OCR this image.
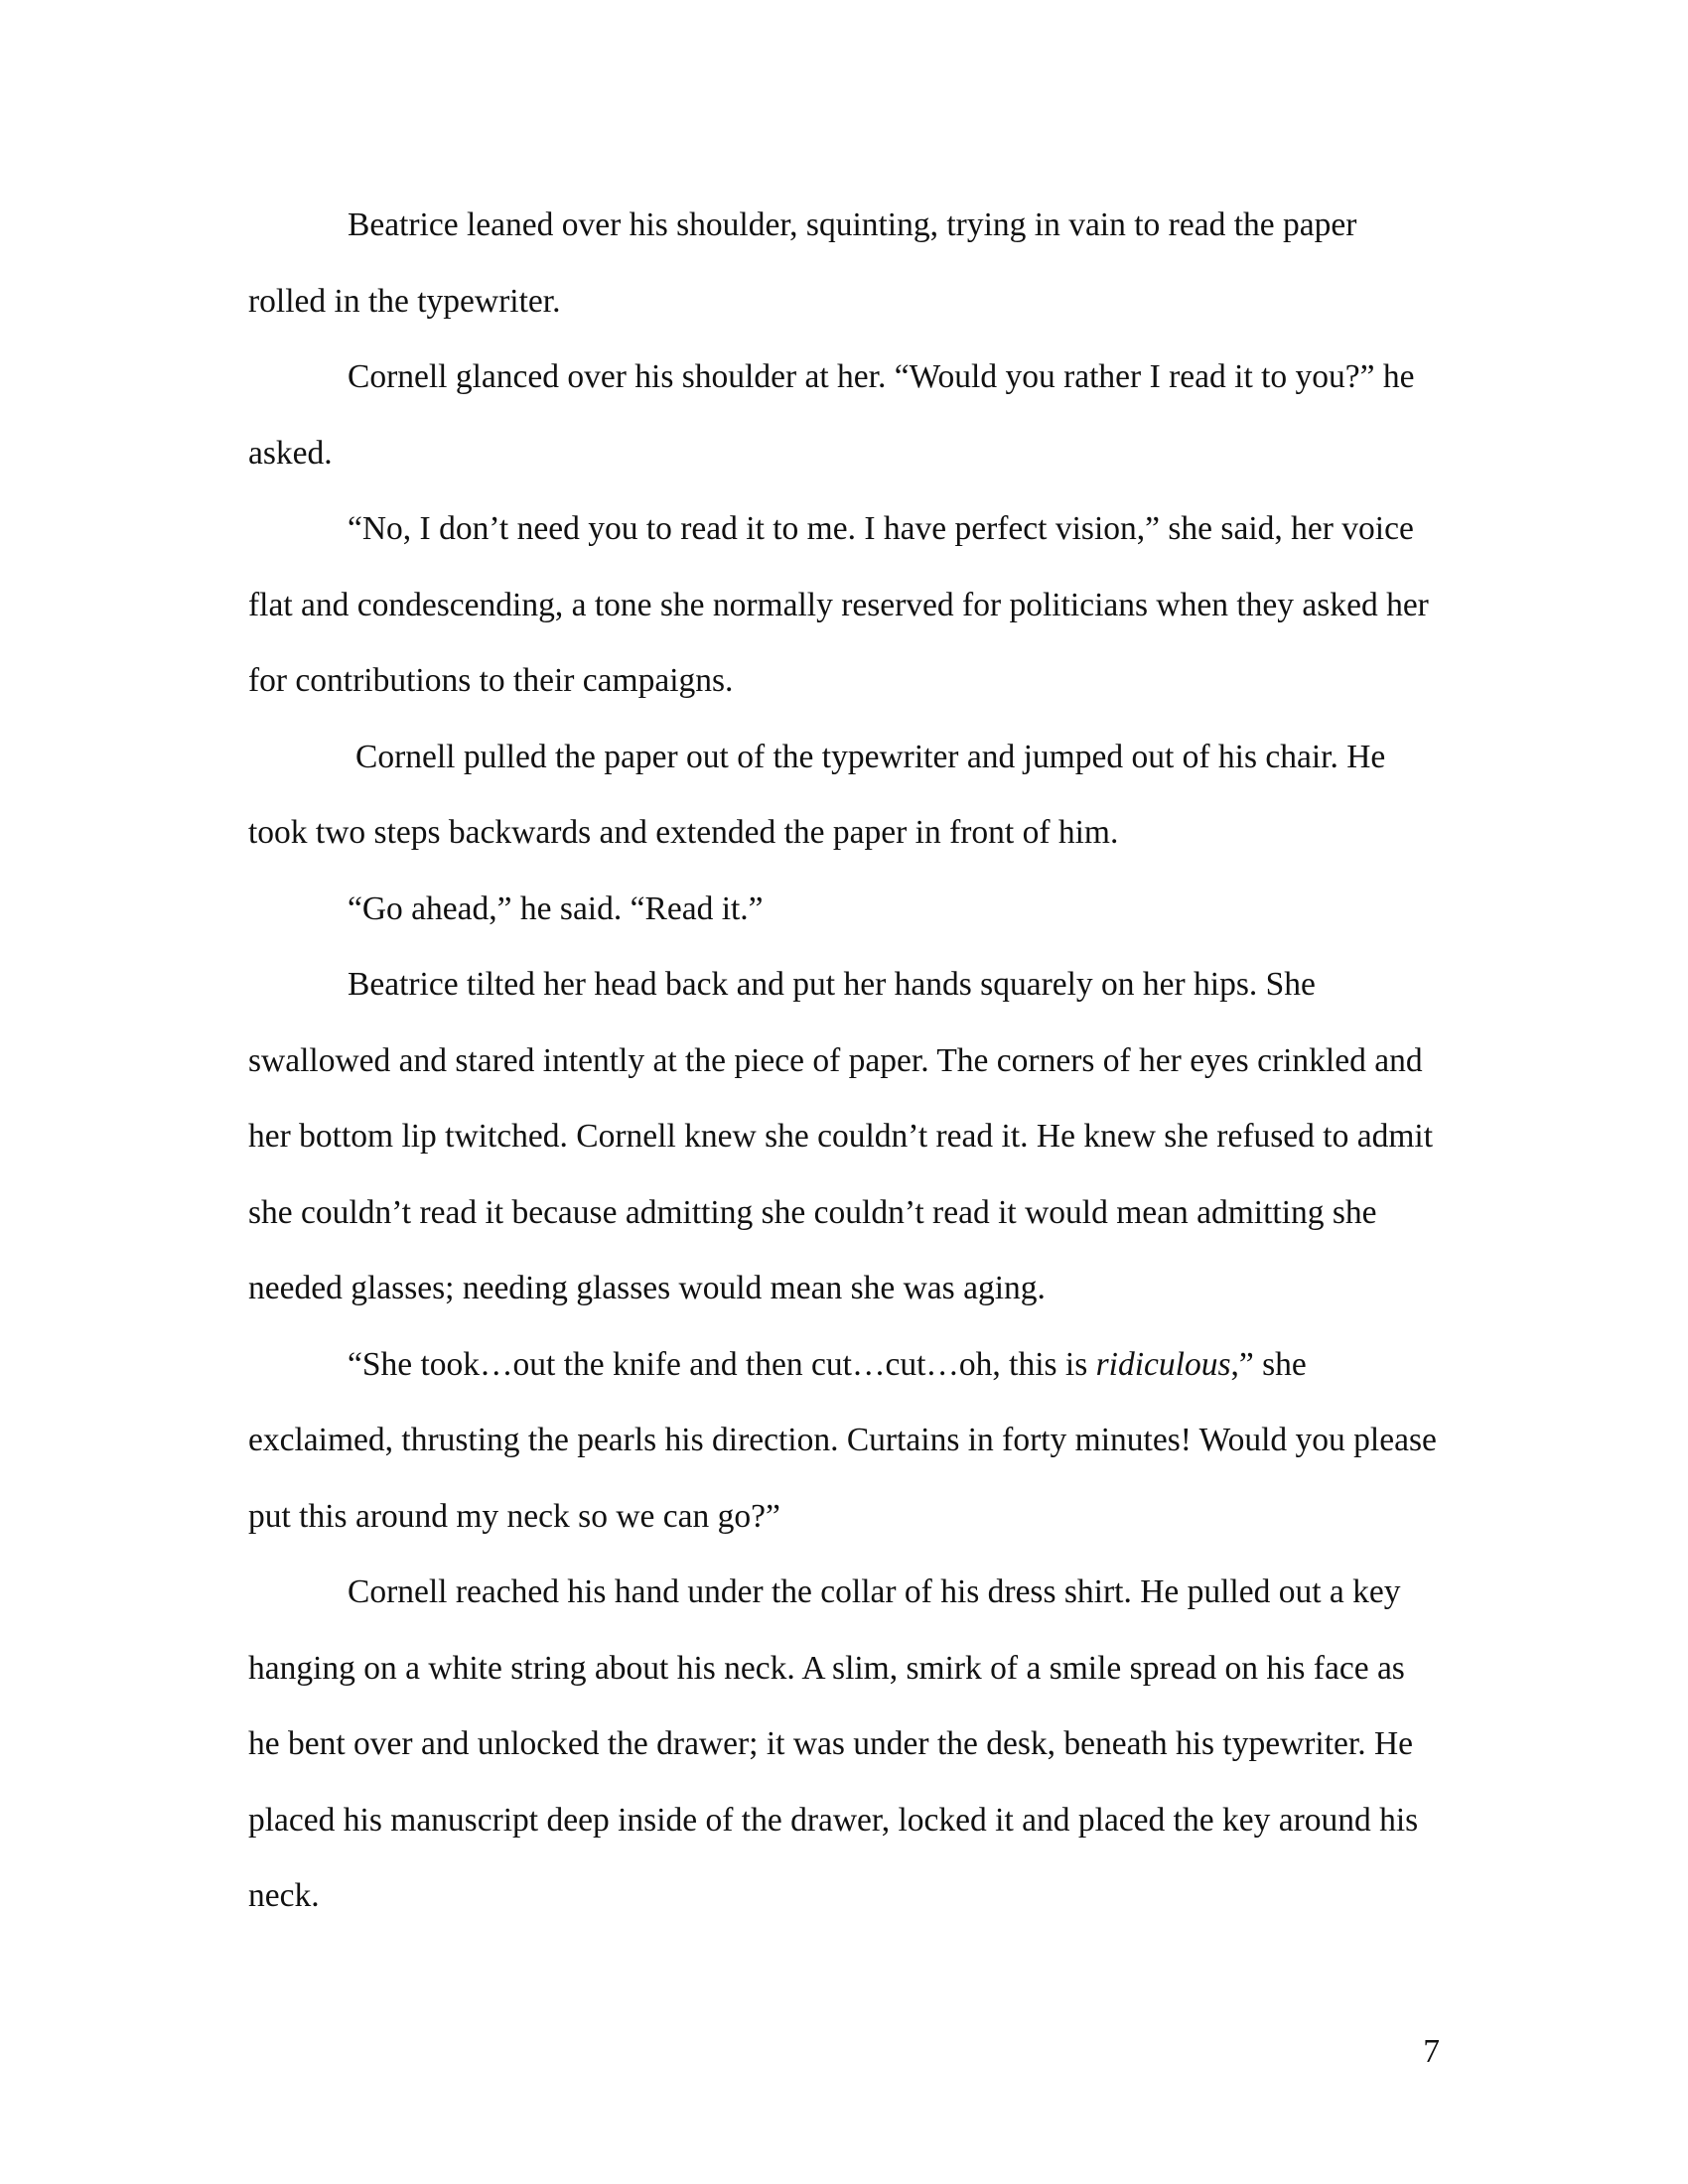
Beatrice leaned over his shoulder, squinting, trying in vain to read the paper rolled in the typewriter.

Cornell glanced over his shoulder at her. “Would you rather I read it to you?” he asked.

“No, I don’t need you to read it to me. I have perfect vision,” she said, her voice flat and condescending, a tone she normally reserved for politicians when they asked her for contributions to their campaigns.

Cornell pulled the paper out of the typewriter and jumped out of his chair. He took two steps backwards and extended the paper in front of him.

“Go ahead,” he said. “Read it.”

Beatrice tilted her head back and put her hands squarely on her hips. She swallowed and stared intently at the piece of paper. The corners of her eyes crinkled and her bottom lip twitched. Cornell knew she couldn’t read it. He knew she refused to admit she couldn’t read it because admitting she couldn’t read it would mean admitting she needed glasses; needing glasses would mean she was aging.

“She took…out the knife and then cut…cut…oh, this is ridiculous,” she exclaimed, thrusting the pearls his direction. Curtains in forty minutes! Would you please put this around my neck so we can go?”

Cornell reached his hand under the collar of his dress shirt. He pulled out a key hanging on a white string about his neck. A slim, smirk of a smile spread on his face as he bent over and unlocked the drawer; it was under the desk, beneath his typewriter. He placed his manuscript deep inside of the drawer, locked it and placed the key around his neck.

7
